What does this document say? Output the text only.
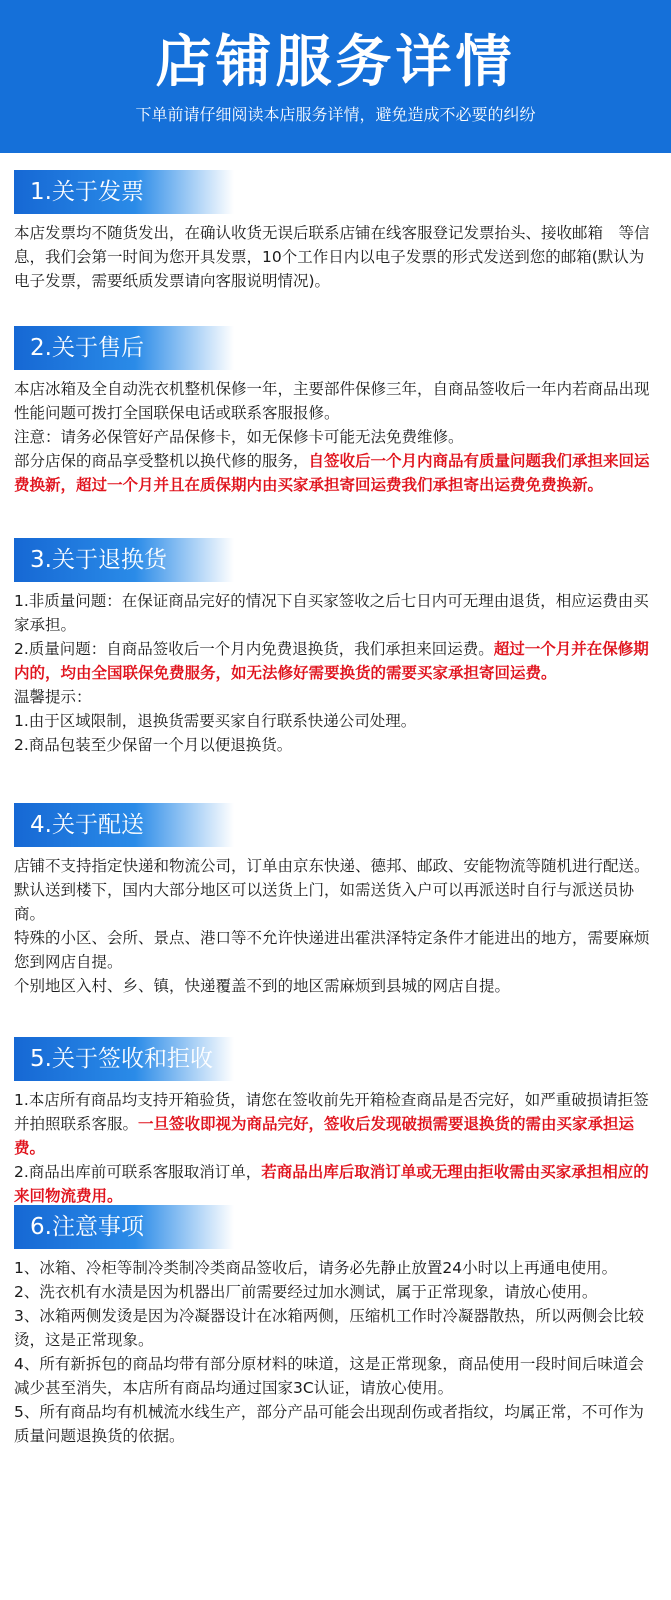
店铺服务详情
下单前请仔细阅读本店服务详情，避免造成不必要的纠纷
1.关于发票

本店发票均不随货发出，在确认收货无误后联系店铺在线客服登记发票抬头、接收邮箱　等信息，我们会第一时间为您开具发票，10个工作日内以电子发票的形式发送到您的邮箱(默认为电子发票，需要纸质发票请向客服说明情况)。

2.关于售后

本店冰箱及全自动洗衣机整机保修一年，主要部件保修三年，自商品签收后一年内若商品出现性能问题可拨打全国联保电话或联系客服报修。

注意：请务必保管好产品保修卡，如无保修卡可能无法免费维修。

部分店保的商品享受整机以换代修的服务，自签收后一个月内商品有质量问题我们承担来回运费换新，超过一个月并且在质保期内由买家承担寄回运费我们承担寄出运费免费换新。

3.关于退换货

1.非质量问题：在保证商品完好的情况下自买家签收之后七日内可无理由退货，相应运费由买家承担。

2.质量问题：自商品签收后一个月内免费退换货，我们承担来回运费。超过一个月并在保修期内的，均由全国联保免费服务，如无法修好需要换货的需要买家承担寄回运费。

温馨提示：

1.由于区域限制，退换货需要买家自行联系快递公司处理。

2.商品包装至少保留一个月以便退换货。

4.关于配送

店铺不支持指定快递和物流公司，订单由京东快递、德邦、邮政、安能物流等随机进行配送。

默认送到楼下，国内大部分地区可以送货上门，如需送货入户可以再派送时自行与派送员协商。

特殊的小区、会所、景点、港口等不允许快递进出霍洪泽特定条件才能进出的地方，需要麻烦您到网店自提。

个别地区入村、乡、镇，快递覆盖不到的地区需麻烦到县城的网店自提。

5.关于签收和拒收

1.本店所有商品均支持开箱验货，请您在签收前先开箱检查商品是否完好，如严重破损请拒签并拍照联系客服。一旦签收即视为商品完好，签收后发现破损需要退换货的需由买家承担运费。

2.商品出库前可联系客服取消订单，若商品出库后取消订单或无理由拒收需由买家承担相应的来回物流费用。

6.注意事项

1、冰箱、冷柜等制冷类制冷类商品签收后，请务必先静止放置24小时以上再通电使用。

2、洗衣机有水渍是因为机器出厂前需要经过加水测试，属于正常现象，请放心使用。

3、冰箱两侧发烫是因为冷凝器设计在冰箱两侧，压缩机工作时冷凝器散热，所以两侧会比较烫，这是正常现象。

4、所有新拆包的商品均带有部分原材料的味道，这是正常现象，商品使用一段时间后味道会减少甚至消失，本店所有商品均通过国家3C认证，请放心使用。

5、所有商品均有机械流水线生产，部分产品可能会出现刮伤或者指纹，均属正常，不可作为质量问题退换货的依据。
